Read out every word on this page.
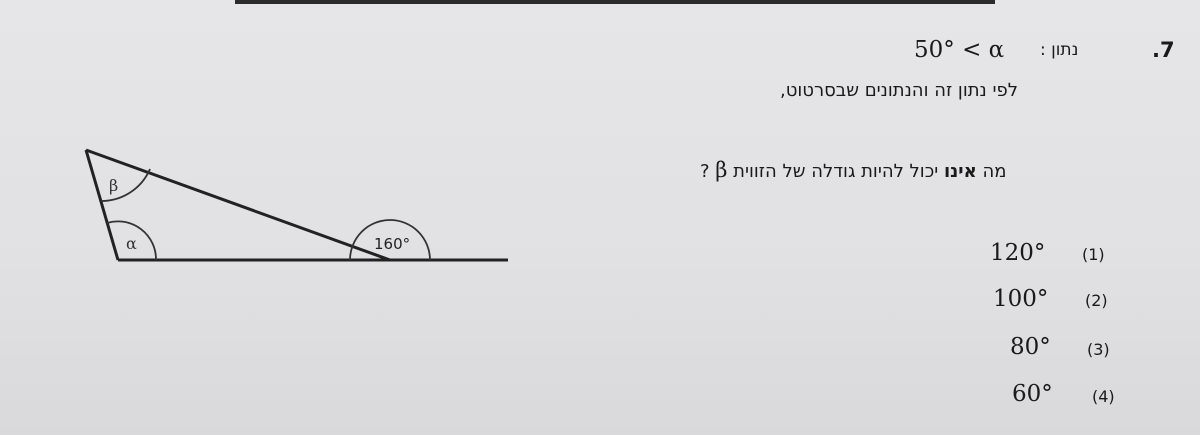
.7
נתון :
50° < α
לפי נתון זה והנתונים שבסרטוט,
מה אינו יכול להיות גודלה של הזווית β ?
β
α	160°	120° (1)
100° (2)
80° (3)
60° (4)
